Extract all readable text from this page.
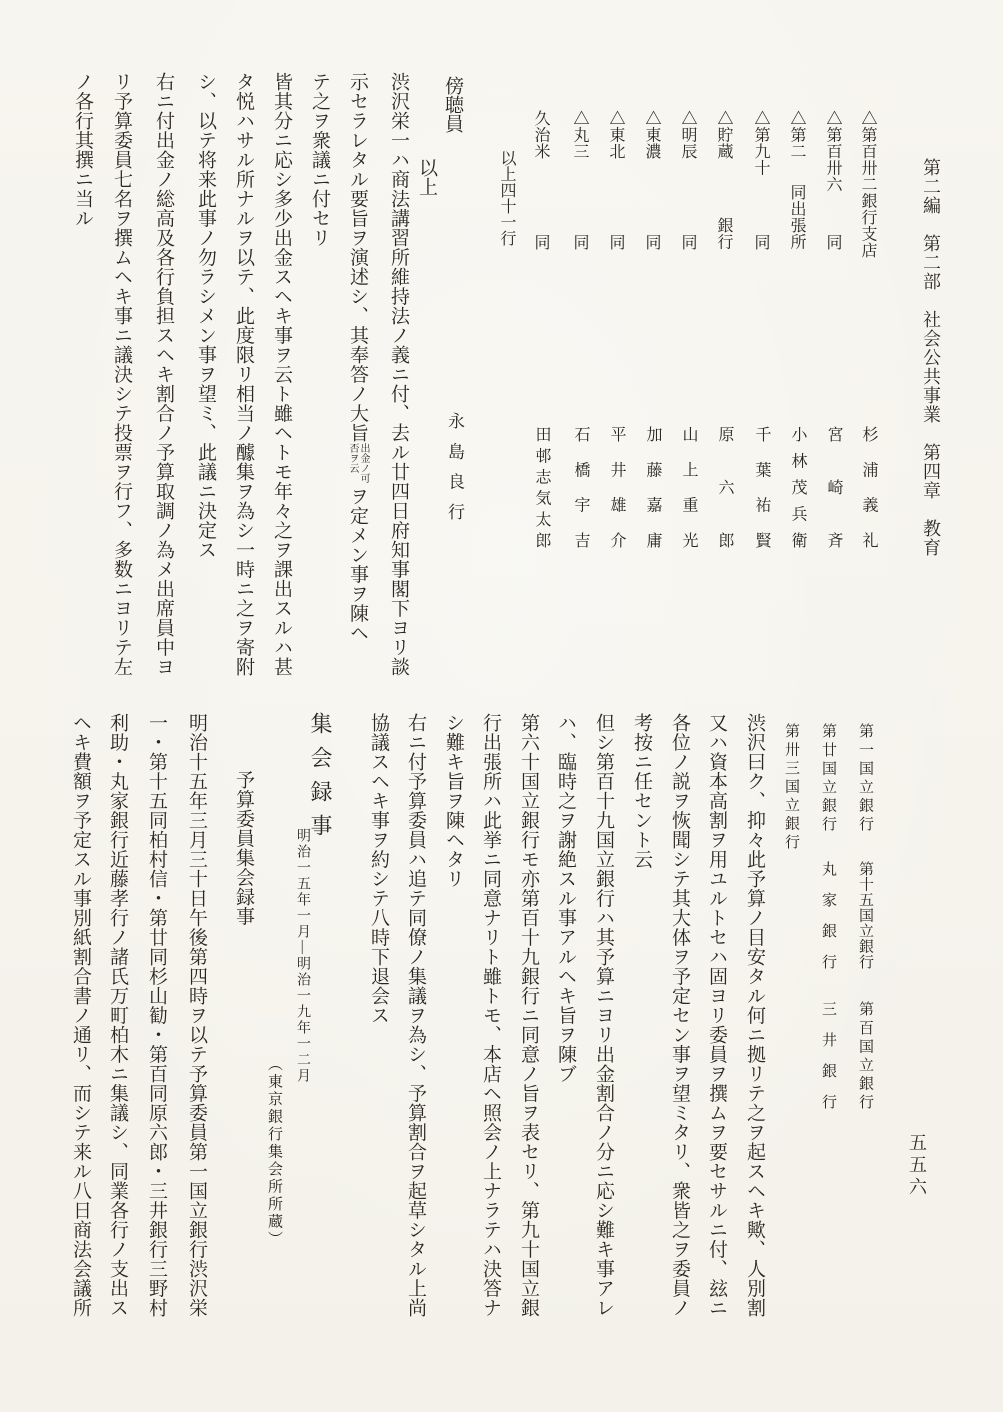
第二編　第二部　社会公共事業　第四章　教育
△第百卅二銀行支店
杉浦義礼
△第百卅六
同
宮崎斉
△第二
同出張所
小林茂兵衛
△第九十
同
千葉祐賢
△貯蔵
銀行
原六郎
△明辰
同
山上重光
△東濃
同
加藤嘉庸
△東北
同
平井雄介
△丸三
同
石橋宇吉
久治米
同
田邨志気太郎
以上四十一行
傍聴員
永島良行
以上
渋沢栄一ハ商法講習所維持法ノ義ニ付、去ル廿四日府知事閣下ヨリ談
示セラレタル要旨ヲ演述シ、其奉答ノ大旨出金ノ可否ヲ云ヲ定メン事ヲ陳ヘ
テ之ヲ衆議ニ付セリ
皆其分ニ応シ多少出金スヘキ事ヲ云ト雖ヘトモ年々之ヲ課出スルハ甚
タ悦ハサル所ナルヲ以テ、此度限リ相当ノ醵集ヲ為シ一時ニ之ヲ寄附
シ、以テ将来此事ノ勿ラシメン事ヲ望ミ、此議ニ決定ス
右ニ付出金ノ総高及各行負担スヘキ割合ノ予算取調ノ為メ出席員中ヨ
リ予算委員七名ヲ撰ムヘキ事ニ議決シテ投票ヲ行フ、多数ニヨリテ左
ノ各行其撰ニ当ル
五五六
第一国立銀行
第十五国立銀行
第百国立銀行
第廿国立銀行
丸家銀行
三井銀行
第卅三国立銀行
渋沢曰ク、抑々此予算ノ目安タル何ニ拠リテ之ヲ起スヘキ歟、人別割
又ハ資本高割ヲ用ユルトセハ固ヨリ委員ヲ撰ムヲ要セサルニ付、玆ニ
各位ノ説ヲ恢聞シテ其大体ヲ予定セン事ヲ望ミタリ、衆皆之ヲ委員ノ
考按ニ任セント云
但シ第百十九国立銀行ハ其予算ニヨリ出金割合ノ分ニ応シ難キ事アレ
ハ、臨時之ヲ謝絶スル事アルヘキ旨ヲ陳ブ
第六十国立銀行モ亦第百十九銀行ニ同意ノ旨ヲ表セリ、第九十国立銀
行出張所ハ此挙ニ同意ナリト雖トモ、本店ヘ照会ノ上ナラテハ決答ナ
シ難キ旨ヲ陳ヘタリ
右ニ付予算委員ハ追テ同僚ノ集議ヲ為シ、予算割合ヲ起草シタル上尚
協議スヘキ事ヲ約シテ八時下退会ス
集会録事
明治一五年一月―明治一九年一二月
（東京銀行集会所所蔵）
予算委員集会録事
明治十五年三月三十日午後第四時ヲ以テ予算委員第一国立銀行渋沢栄
一・第十五同柏村信・第廿同杉山勧・第百同原六郎・三井銀行三野村
利助・丸家銀行近藤孝行ノ諸氏万町柏木ニ集議シ、同業各行ノ支出ス
ヘキ費額ヲ予定スル事別紙割合書ノ通リ、而シテ来ル八日商法会議所
